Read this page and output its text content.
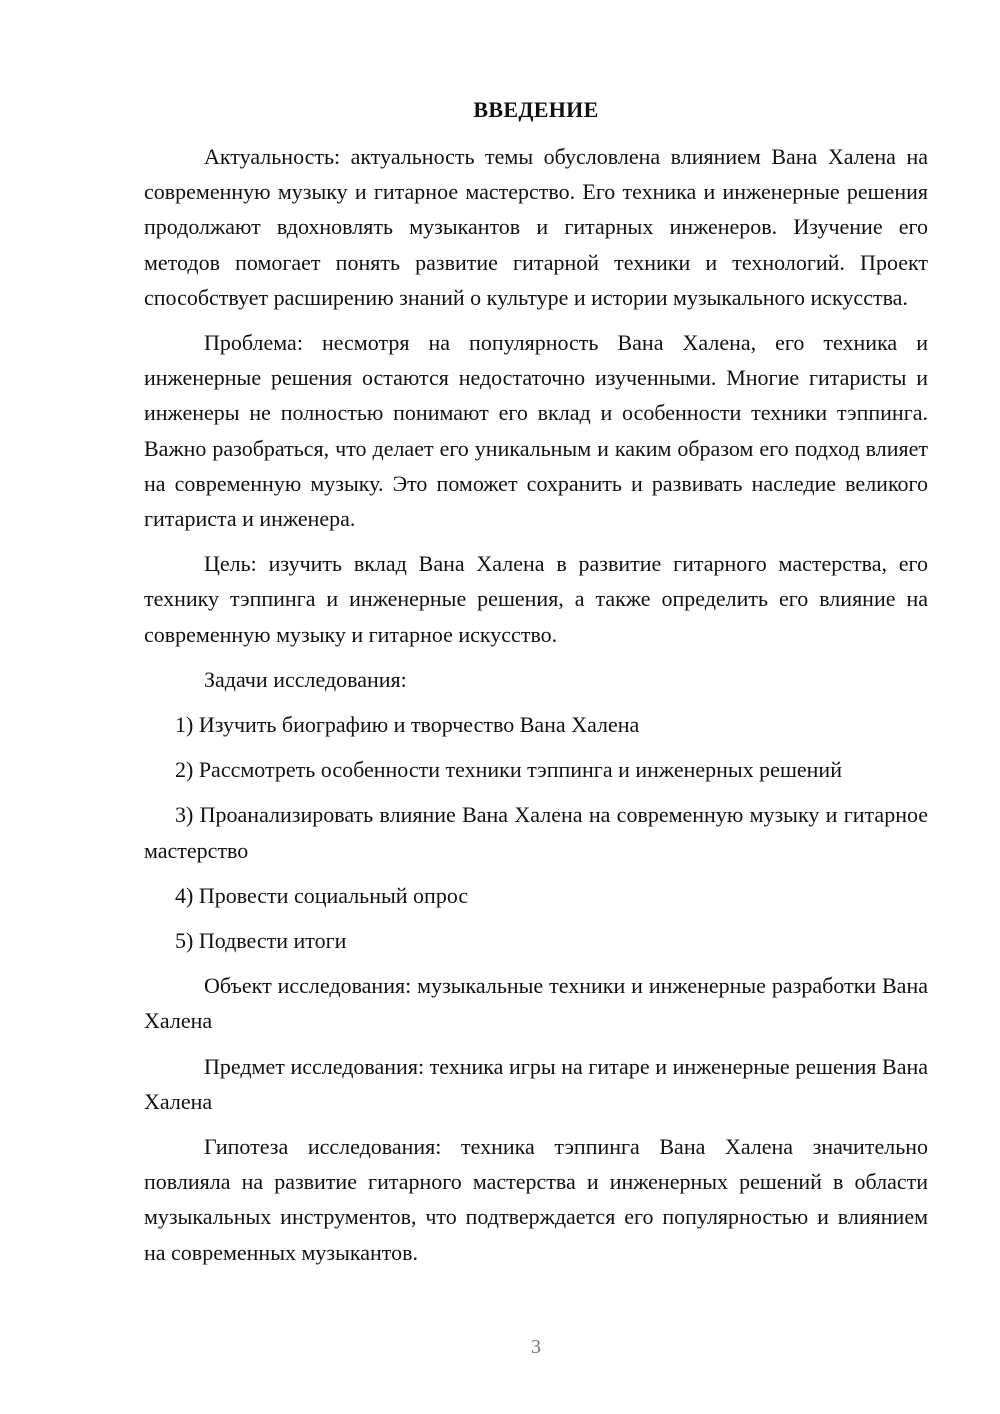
ВВЕДЕНИЕ

Актуальность: актуальность темы обусловлена влиянием Вана Халена на современную музыку и гитарное мастерство. Его техника и инженерные решения продолжают вдохновлять музыкантов и гитарных инженеров. Изучение его методов помогает понять развитие гитарной техники и технологий. Проект способствует расширению знаний о культуре и истории музыкального искусства.

Проблема: несмотря на популярность Вана Халена, его техника и инженерные решения остаются недостаточно изученными. Многие гитаристы и инженеры не полностью понимают его вклад и особенности техники тэппинга. Важно разобраться, что делает его уникальным и каким образом его подход влияет на современную музыку. Это поможет сохранить и развивать наследие великого гитариста и инженера.

Цель: изучить вклад Вана Халена в развитие гитарного мастерства, его технику тэппинга и инженерные решения, а также определить его влияние на современную музыку и гитарное искусство.

Задачи исследования:

1) Изучить биографию и творчество Вана Халена

2) Рассмотреть особенности техники тэппинга и инженерных решений

3) Проанализировать влияние Вана Халена на современную музыку и гитарное мастерство

4) Провести социальный опрос

5) Подвести итоги

Объект исследования: музыкальные техники и инженерные разработки Вана Халена

Предмет исследования: техника игры на гитаре и инженерные решения Вана Халена

Гипотеза исследования: техника тэппинга Вана Халена значительно повлияла на развитие гитарного мастерства и инженерных решений в области музыкальных инструментов, что подтверждается его популярностью и влиянием на современных музыкантов.

3
